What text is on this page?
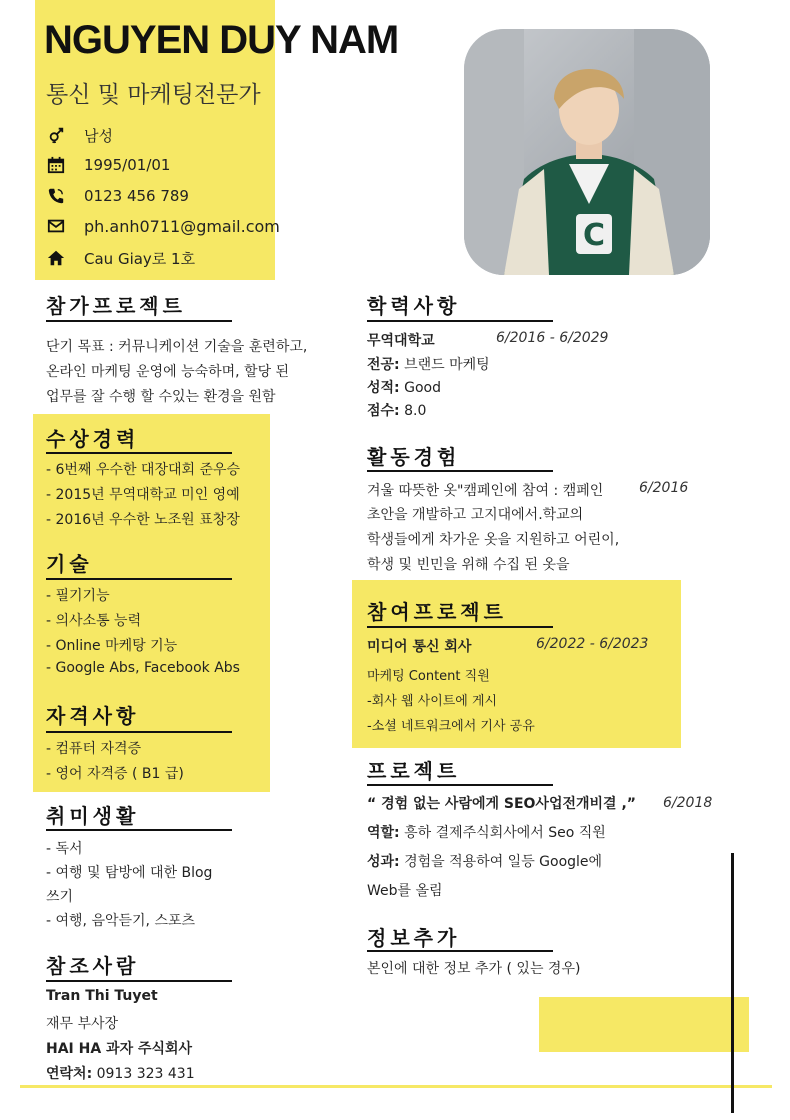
NGUYEN DUY NAM
통신 및 마케팅전문가
남성
1995/01/01
0123 456 789
ph.anh0711@gmail.com
Cau Giay로 1호
C
참가프로젝트
단기 목표 : 커뮤니케이션 기술을 훈련하고,
온라인 마케팅 운영에 능숙하며, 할당 된
업무를 잘 수행 할 수있는 환경을 원함
수상경력
- 6번째 우수한 대장대회 준우승
- 2015년 무역대학교 미인 영예
- 2016년 우수한 노조원 표창장
기술
- 필기기능
- 의사소통 능력
- Online 마케탕 기능
- Google Abs, Facebook Abs
자격사항
- 컴퓨터 자격증
- 영어 자격증 ( B1 급)
취미생활
- 독서
- 여행 및 탐방에 대한 Blog
쓰기
- 여행, 음악듣기, 스포츠
참조사람
Tran Thi Tuyet
재무 부사장
HAI HA 과자 주식회사
연락처: 0913 323 431
학력사항
무역대학교	6/2016 - 6/2029
전공: 브랜드 마케팅
성적: Good
점수: 8.0
활동경험
겨울 따뜻한 옷"캠페인에 참여 : 캠페인	6/2016
초안을 개발하고 고지대에서.학교의
학생들에게 차가운 옷을 지원하고 어린이,
학생 및 빈민을 위해 수집 된 옷을
참여프로젝트
미디어 통신 회사	6/2022 - 6/2023
마케팅 Content 직원
-회사 웹 사이트에 게시
-소셜 네트워크에서 기사 공유
프로젝트
“ 경험 없는 사람에게 SEO사업전개비결 ,” 6/2018
역할: 흥하 결제주식회사에서 Seo 직원
성과: 경험을 적용하여 일등 Google에
Web를 올림
정보추가
본인에 대한 정보 추가 ( 있는 경우)
